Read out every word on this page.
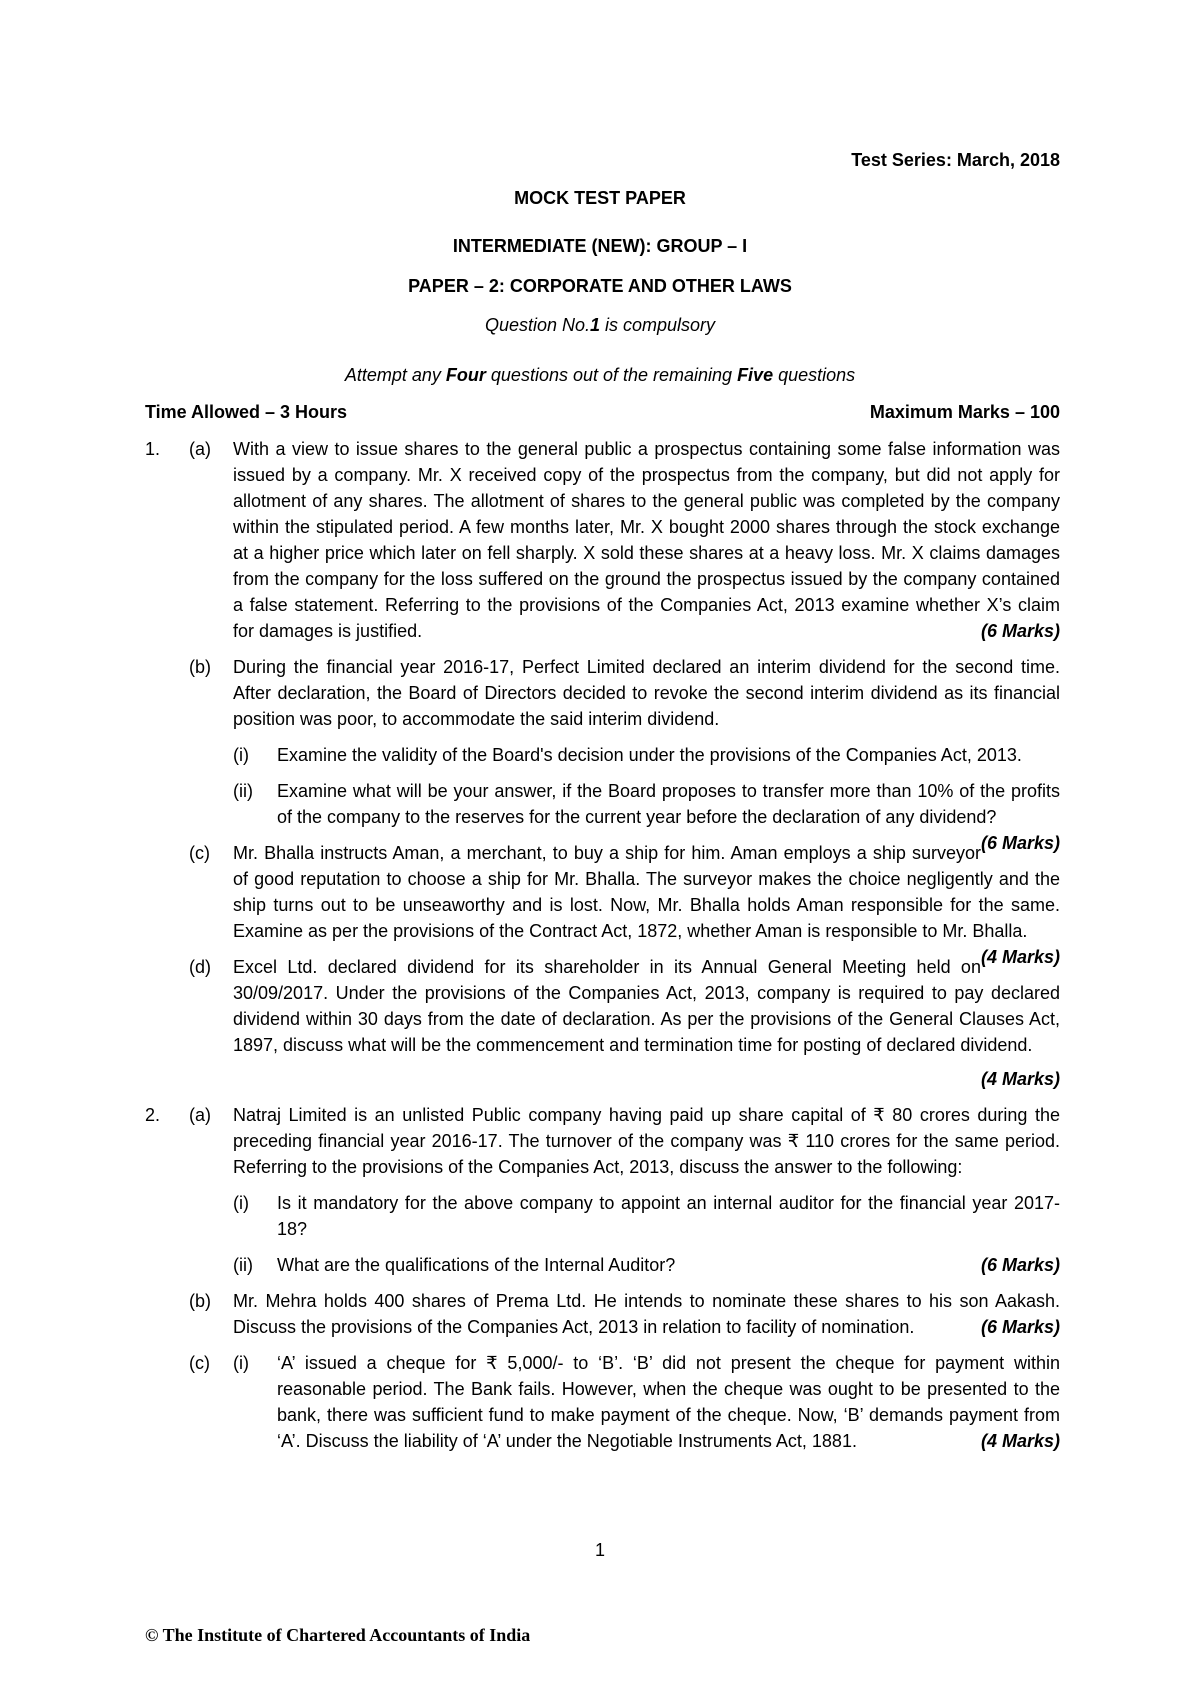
Test Series: March, 2018
MOCK TEST PAPER
INTERMEDIATE (NEW): GROUP – I
PAPER – 2: CORPORATE AND OTHER LAWS
Question No.1 is compulsory
Attempt any Four questions out of the remaining Five questions
Time Allowed – 3 Hours	Maximum Marks – 100
1. (a) With a view to issue shares to the general public a prospectus containing some false information was issued by a company. Mr. X received copy of the prospectus from the company, but did not apply for allotment of any shares. The allotment of shares to the general public was completed by the company within the stipulated period. A few months later, Mr. X bought 2000 shares through the stock exchange at a higher price which later on fell sharply. X sold these shares at a heavy loss. Mr. X claims damages from the company for the loss suffered on the ground the prospectus issued by the company contained a false statement. Referring to the provisions of the Companies Act, 2013 examine whether X’s claim for damages is justified.	(6 Marks)
(b) During the financial year 2016-17, Perfect Limited declared an interim dividend for the second time. After declaration, the Board of Directors decided to revoke the second interim dividend as its financial position was poor, to accommodate the said interim dividend.
(i) Examine the validity of the Board's decision under the provisions of the Companies Act, 2013.
(ii) Examine what will be your answer, if the Board proposes to transfer more than 10% of the profits of the company to the reserves for the current year before the declaration of any dividend?
(6 Marks)
(c) Mr. Bhalla instructs Aman, a merchant, to buy a ship for him. Aman employs a ship surveyor of good reputation to choose a ship for Mr. Bhalla. The surveyor makes the choice negligently and the ship turns out to be unseaworthy and is lost. Now, Mr. Bhalla holds Aman responsible for the same. Examine as per the provisions of the Contract Act, 1872, whether Aman is responsible to Mr. Bhalla.
(4 Marks)
(d) Excel Ltd. declared dividend for its shareholder in its Annual General Meeting held on 30/09/2017. Under the provisions of the Companies Act, 2013, company is required to pay declared dividend within 30 days from the date of declaration. As per the provisions of the General Clauses Act, 1897, discuss what will be the commencement and termination time for posting of declared dividend.
(4 Marks)
2. (a) Natraj Limited is an unlisted Public company having paid up share capital of ₹ 80 crores during the preceding financial year 2016-17. The turnover of the company was ₹ 110 crores for the same period. Referring to the provisions of the Companies Act, 2013, discuss the answer to the following:
(i) Is it mandatory for the above company to appoint an internal auditor for the financial year 2017-18?
(ii) What are the qualifications of the Internal Auditor?	(6 Marks)
(b) Mr. Mehra holds 400 shares of Prema Ltd. He intends to nominate these shares to his son Aakash. Discuss the provisions of the Companies Act, 2013 in relation to facility of nomination.	(6 Marks)
(c) (i) ‘A’ issued a cheque for ₹ 5,000/- to ‘B’. ‘B’ did not present the cheque for payment within reasonable period. The Bank fails. However, when the cheque was ought to be presented to the bank, there was sufficient fund to make payment of the cheque. Now, ‘B’ demands payment from ‘A’. Discuss the liability of ‘A’ under the Negotiable Instruments Act, 1881.	(4 Marks)
1
© The Institute of Chartered Accountants of India
